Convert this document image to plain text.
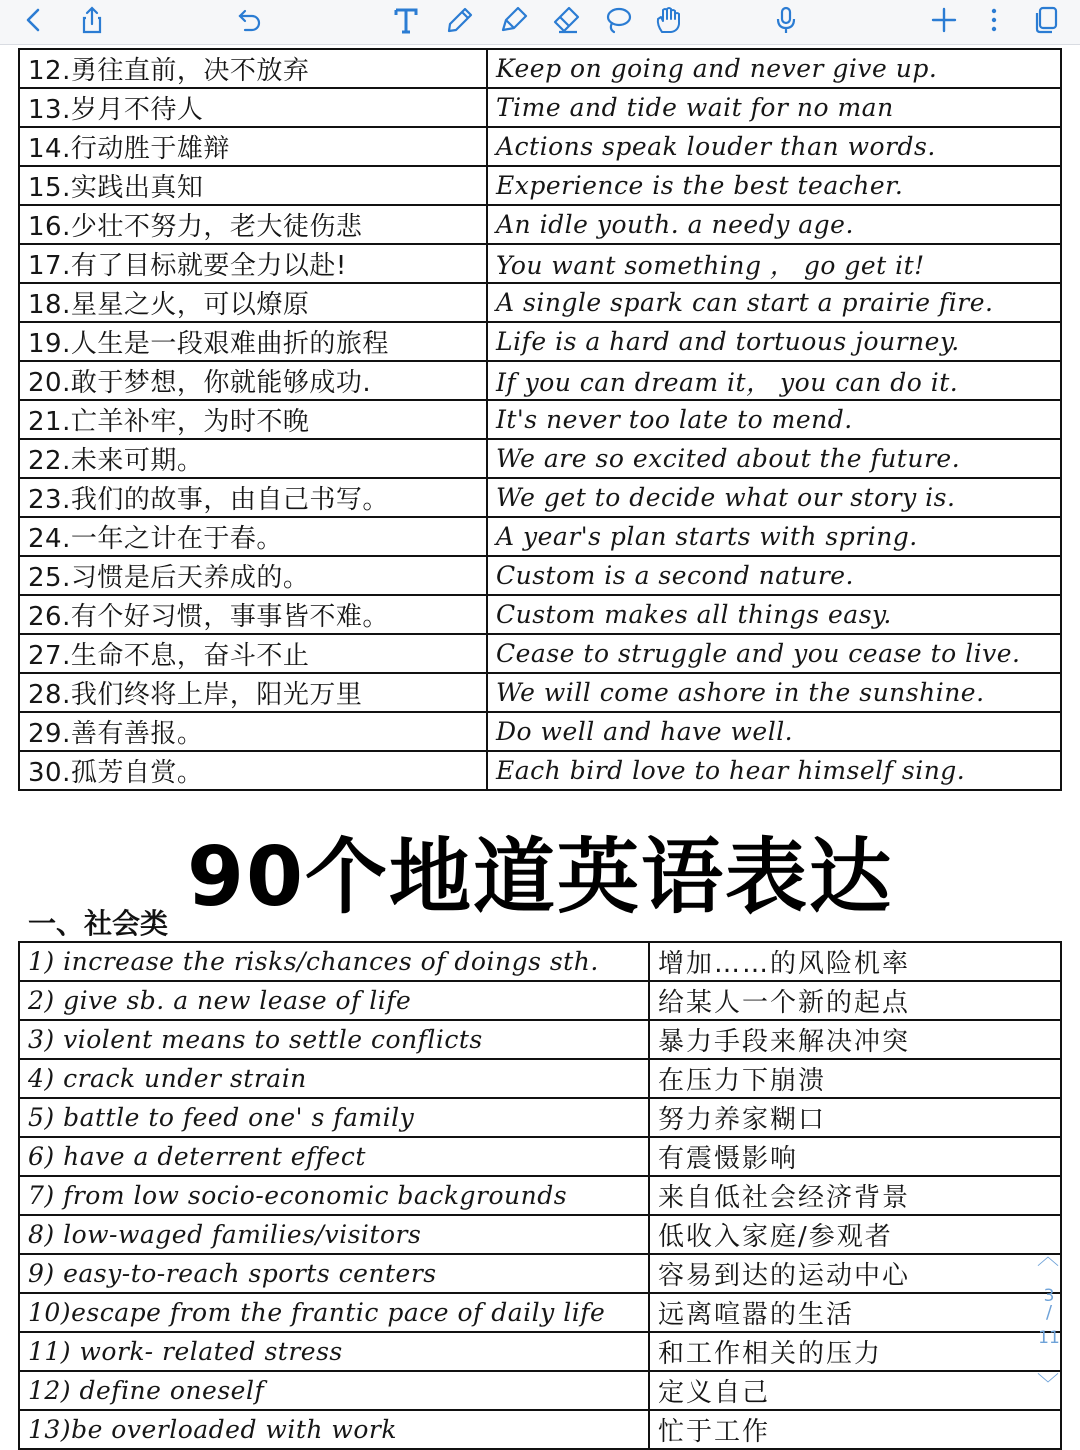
12.勇往直前，决不放弃	Keep on going and never give up.
13.岁月不待人	Time and tide wait for no man
14.行动胜于雄辩	Actions speak louder than words.
15.实践出真知	Experience is the best teacher.
16.少壮不努力，老大徒伤悲	An idle youth. a needy age.
17.有了目标就要全力以赴!	You want something ， go get it!
18.星星之火，可以燎原	A single spark can start a prairie fire.
19.人生是一段艰难曲折的旅程	Life is a hard and tortuous journey.
20.敢于梦想，你就能够成功.	If you can dream it， you can do it.
21.亡羊补牢，为时不晚	It's never too late to mend.
22.未来可期。	We are so excited about the future.
23.我们的故事，由自己书写。	We get to decide what our story is.
24.一年之计在于春。	A year's plan starts with spring.
25.习惯是后天养成的。	Custom is a second nature.
26.有个好习惯，事事皆不难。	Custom makes all things easy.
27.生命不息，奋斗不止	Cease to struggle and you cease to live.
28.我们终将上岸，阳光万里	We will come ashore in the sunshine.
29.善有善报。	Do well and have well.
30.孤芳自赏。	Each bird love to hear himself sing.
90个地道英语表达
一、社会类
1) increase the risks/chances of doings sth.	增加……的风险机率
2) give sb. a new lease of life	给某人一个新的起点
3) violent means to settle conflicts	暴力手段来解决冲突
4) crack under strain	在压力下崩溃
5) battle to feed one' s family	努力养家糊口
6) have a deterrent effect	有震慑影响
7) from low socio-economic backgrounds	来自低社会经济背景
8) low-waged families/visitors	低收入家庭/参观者
9) easy-to-reach sports centers	容易到达的运动中心
10)escape from the frantic pace of daily life	远离喧嚣的生活
11) work- related stress	和工作相关的压力
12) define oneself	定义自己
13)be overloaded with work	忙于工作
︿
3
/
11
﹀
